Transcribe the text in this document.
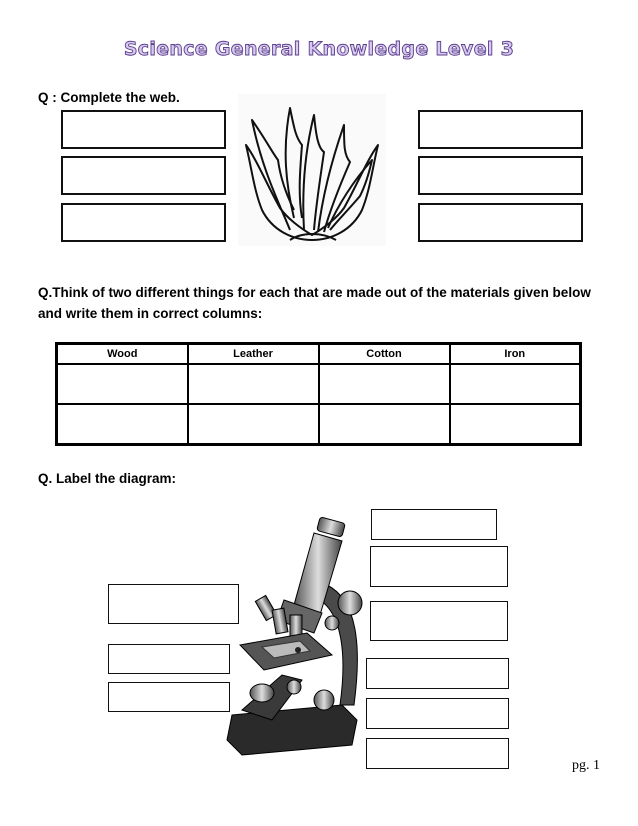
Science General Knowledge Level 3
Q : Complete the web.
Q.Think of two different things for each that are made out of the materials given below and write them in correct columns:
Wood	Leather	Cotton	Iron

Q. Label the diagram:
pg. 1
